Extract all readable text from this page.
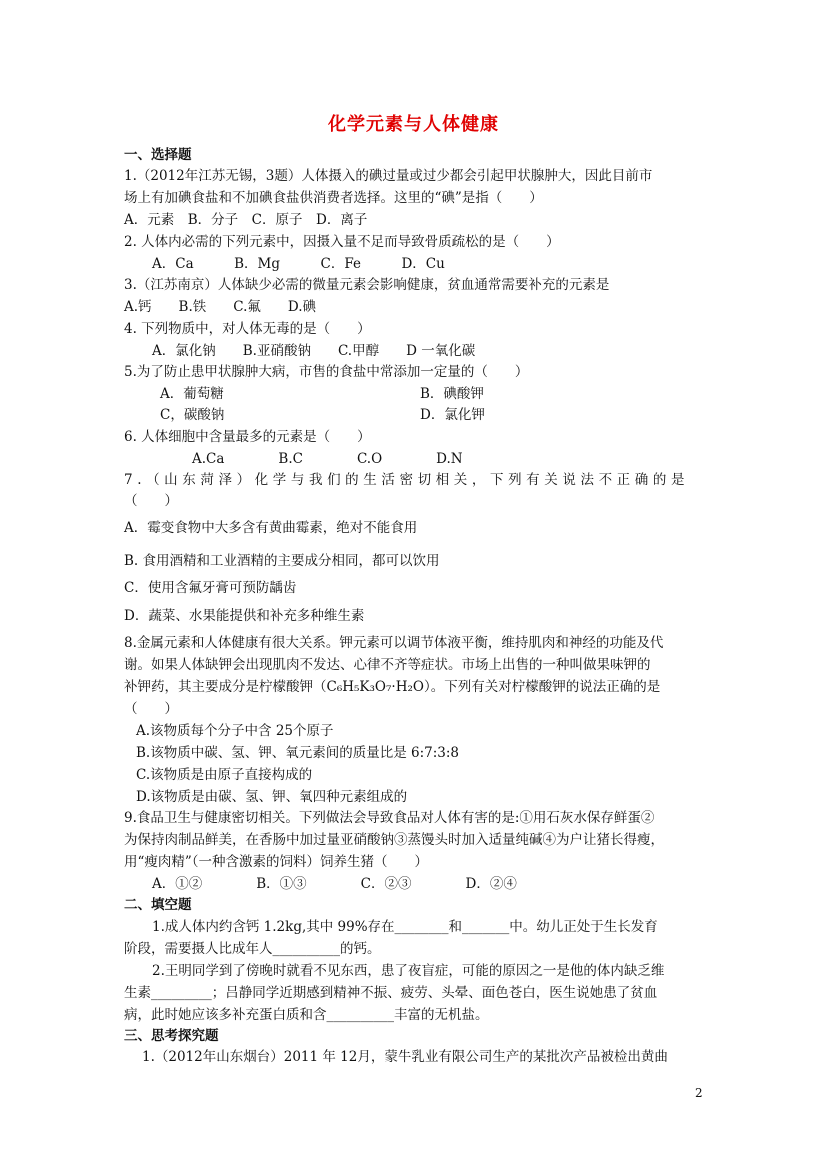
化学元素与人体健康
一、选择题
1.（2012年江苏无锡，3题）人体摄入的碘过量或过少都会引起甲状腺肿大，因此目前市
场上有加碘食盐和不加碘食盐供消费者选择。这里的“碘”是指（　　）
A．元素　B．分子　C．原子　D．离子
2. 人体内必需的下列元素中，因摄入量不足而导致骨质疏松的是（　　）
A．Ca　　　B．Mg　　　C．Fe　　　D．Cu
3.（江苏南京）人体缺少必需的微量元素会影响健康，贫血通常需要补充的元素是
A.钙　　B.铁　　C.氟　　D.碘
4. 下列物质中，对人体无毒的是（　　）
A．氯化钠　　B.亚硝酸钠　　C.甲醇　　D 一氧化碳
5.为了防止患甲状腺肿大病，市售的食盐中常添加一定量的（　　）
A．葡萄糖	B．碘酸钾
C，碳酸钠	D．氯化钾
6. 人体细胞中含量最多的元素是（　　）
A.Ca　　　　B.C　　　　C.O　　　　D.N
7.（山东菏泽）化学与我们的生活密切相关，下列有关说法不正确的是
（　　）
A．霉变食物中大多含有黄曲霉素，绝对不能食用
B. 食用酒精和工业酒精的主要成分相同，都可以饮用
C．使用含氟牙膏可预防龋齿
D．蔬菜、水果能提供和补充多种维生素
8.金属元素和人体健康有很大关系。钾元素可以调节体液平衡，维持肌肉和神经的功能及代
谢。如果人体缺钾会出现肌肉不发达、心律不齐等症状。市场上出售的一种叫做果味钾的
补钾药，其主要成分是柠檬酸钾（C₆H₅K₃O₇·H₂O）。下列有关对柠檬酸钾的说法正确的是
（　　）
A.该物质每个分子中含 25个原子
B.该物质中碳、氢、钾、氧元素间的质量比是 6:7:3:8
C.该物质是由原子直接构成的
D.该物质是由碳、氢、钾、氧四种元素组成的
9.食品卫生与健康密切相关。下列做法会导致食品对人体有害的是:①用石灰水保存鲜蛋②
为保持肉制品鲜美，在香肠中加过量亚硝酸钠③蒸馒头时加入适量纯碱④为户让猪长得瘦，
用“瘦肉精”（一种含激素的饲料）饲养生猪（　　）
A．①②　　　　B．①③　　　　C．②③　　　　D．②④
二、填空题
1.成人体内约含钙 1.2kg,其中 99%存在________和_______中。幼儿正处于生长发育
阶段，需要摄人比成年人__________的钙。
2.王明同学到了傍晚时就看不见东西，患了夜盲症，可能的原因之一是他的体内缺乏维
生素_________；吕静同学近期感到精神不振、疲劳、头晕、面色苍白，医生说她患了贫血
病，此时她应该多补充蛋白质和含__________丰富的无机盐。
三、思考探究题
1.（2012年山东烟台）2011 年 12月，蒙牛乳业有限公司生产的某批次产品被检出黄曲
2
